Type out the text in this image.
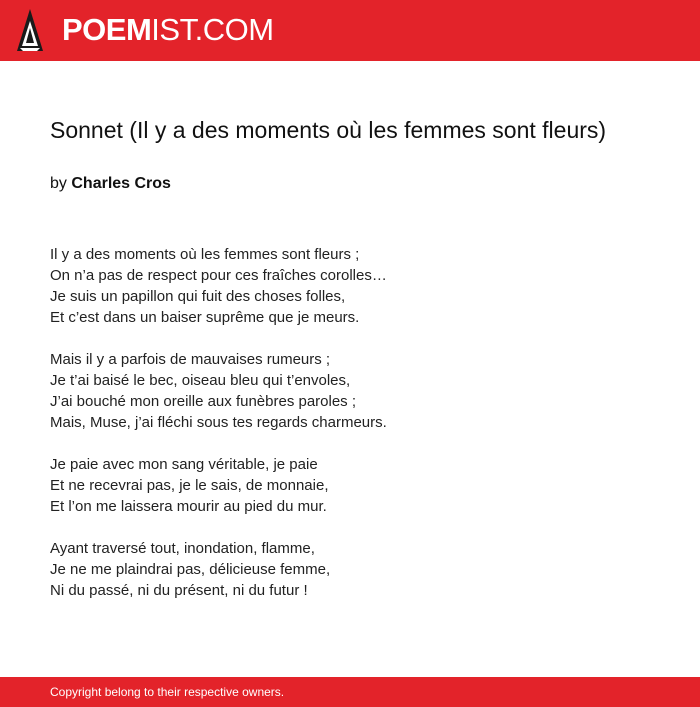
POEMIST.COM
Sonnet (Il y a des moments où les femmes sont fleurs)
by Charles Cros
Il y a des moments où les femmes sont fleurs ;
On n’a pas de respect pour ces fraîches corolles…
Je suis un papillon qui fuit des choses folles,
Et c’est dans un baiser suprême que je meurs.
Mais il y a parfois de mauvaises rumeurs ;
Je t’ai baisé le bec, oiseau bleu qui t’envoles,
J’ai bouché mon oreille aux funèbres paroles ;
Mais, Muse, j’ai fléchi sous tes regards charmeurs.
Je paie avec mon sang véritable, je paie
Et ne recevrai pas, je le sais, de monnaie,
Et l’on me laissera mourir au pied du mur.
Ayant traversé tout, inondation, flamme,
Je ne me plaindrai pas, délicieuse femme,
Ni du passé, ni du présent, ni du futur !
Copyright belong to their respective owners.
